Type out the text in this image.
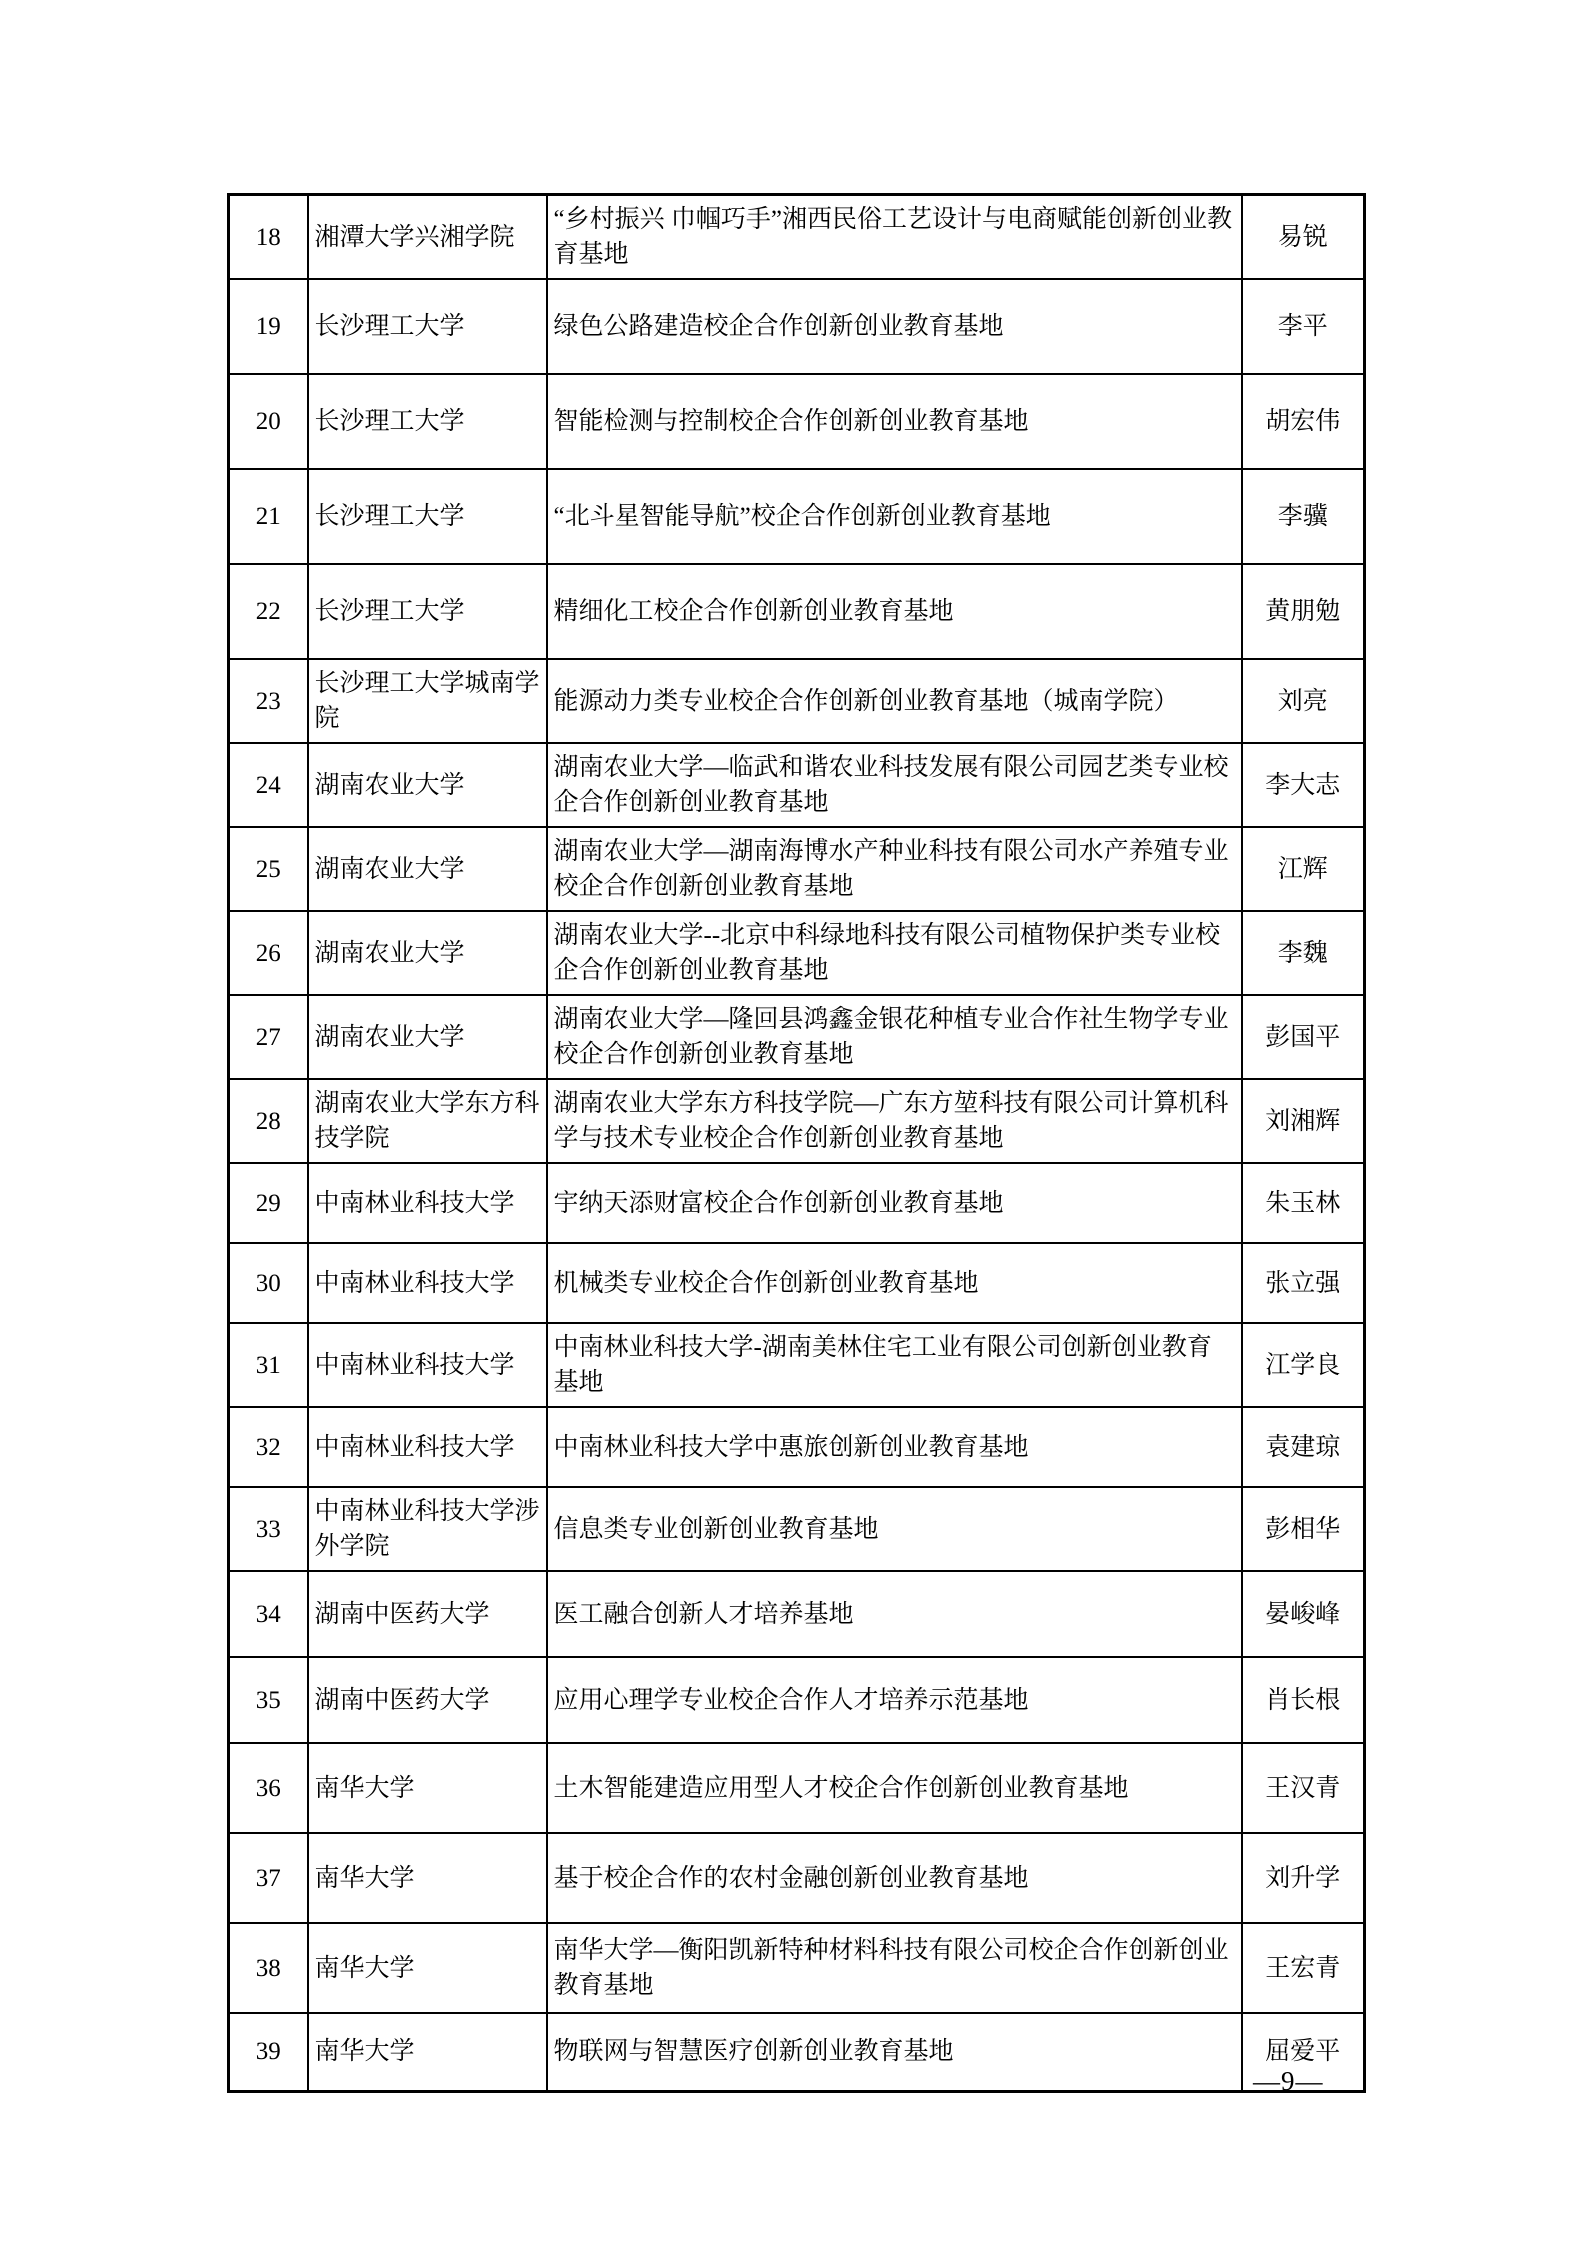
18	湘潭大学兴湘学院	“乡村振兴 巾帼巧手”湘西民俗工艺设计与电商赋能创新创业教育基地	易锐
19	长沙理工大学	绿色公路建造校企合作创新创业教育基地	李平
20	长沙理工大学	智能检测与控制校企合作创新创业教育基地	胡宏伟
21	长沙理工大学	“北斗星智能导航”校企合作创新创业教育基地	李骥
22	长沙理工大学	精细化工校企合作创新创业教育基地	黄朋勉
23	长沙理工大学城南学院	能源动力类专业校企合作创新创业教育基地（城南学院）	刘亮
24	湖南农业大学	湖南农业大学—临武和谐农业科技发展有限公司园艺类专业校企合作创新创业教育基地	李大志
25	湖南农业大学	湖南农业大学—湖南海博水产种业科技有限公司水产养殖专业校企合作创新创业教育基地	江辉
26	湖南农业大学	湖南农业大学--北京中科绿地科技有限公司植物保护类专业校企合作创新创业教育基地	李魏
27	湖南农业大学	湖南农业大学—隆回县鸿鑫金银花种植专业合作社生物学专业校企合作创新创业教育基地	彭国平
28	湖南农业大学东方科技学院	湖南农业大学东方科技学院—广东方堃科技有限公司计算机科学与技术专业校企合作创新创业教育基地	刘湘辉
29	中南林业科技大学	宇纳天添财富校企合作创新创业教育基地	朱玉林
30	中南林业科技大学	机械类专业校企合作创新创业教育基地	张立强
31	中南林业科技大学	中南林业科技大学-湖南美林住宅工业有限公司创新创业教育基地	江学良
32	中南林业科技大学	中南林业科技大学中惠旅创新创业教育基地	袁建琼
33	中南林业科技大学涉外学院	信息类专业创新创业教育基地	彭相华
34	湖南中医药大学	医工融合创新人才培养基地	晏峻峰
35	湖南中医药大学	应用心理学专业校企合作人才培养示范基地	肖长根
36	南华大学	土木智能建造应用型人才校企合作创新创业教育基地	王汉青
37	南华大学	基于校企合作的农村金融创新创业教育基地	刘升学
38	南华大学	南华大学—衡阳凯新特种材料科技有限公司校企合作创新创业教育基地	王宏青
39	南华大学	物联网与智慧医疗创新创业教育基地	屈爱平
—9—
